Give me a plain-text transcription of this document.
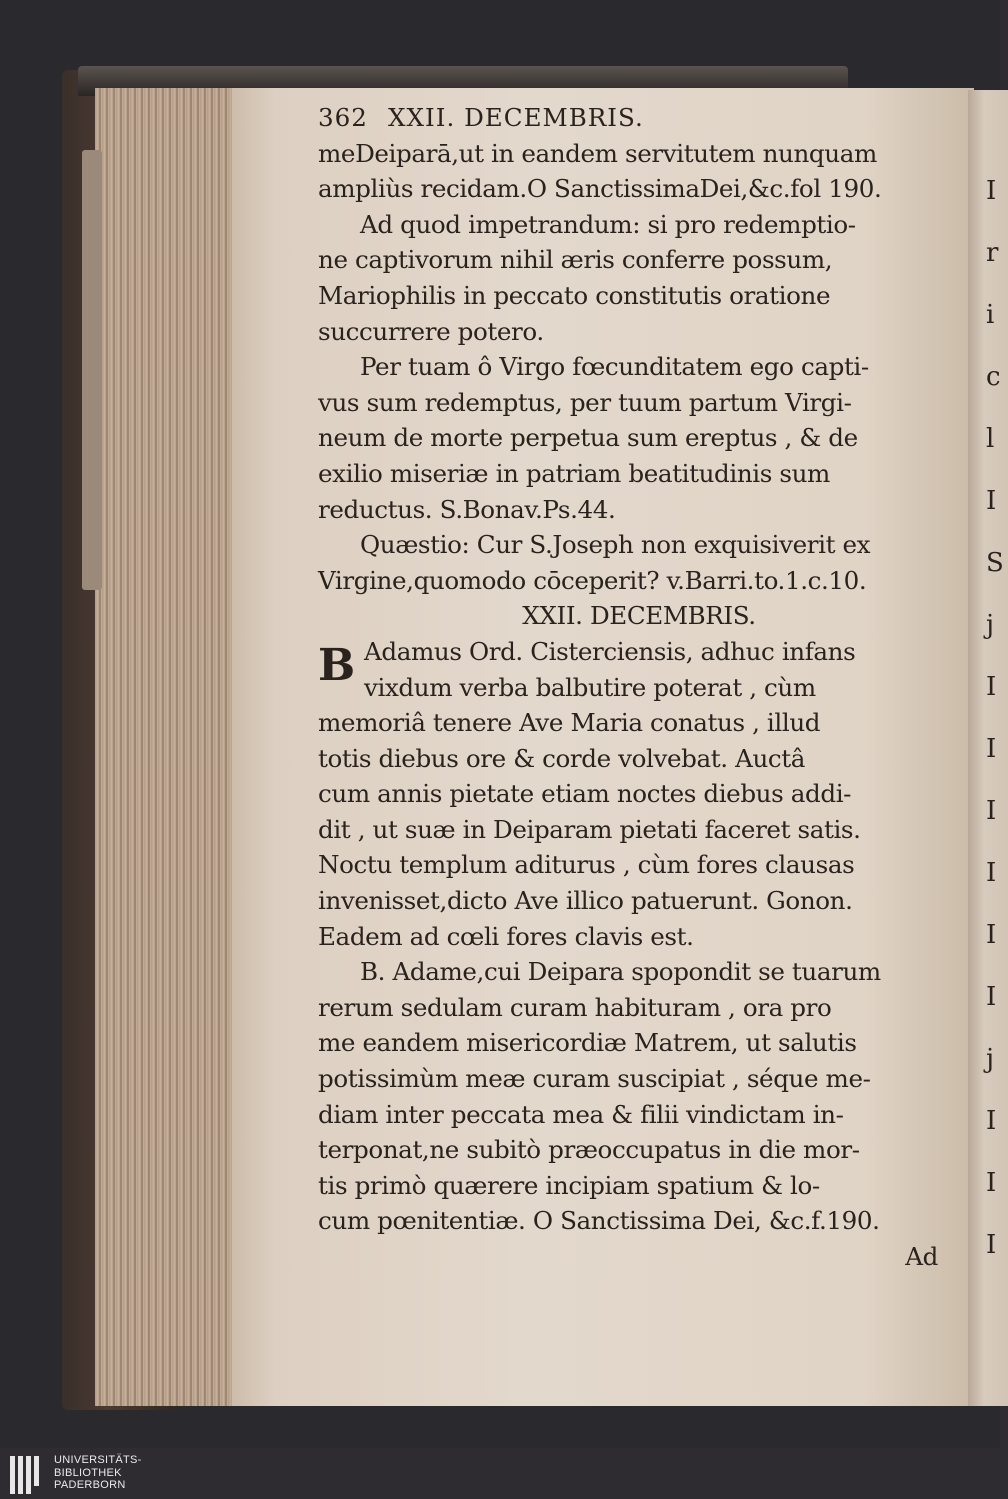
I
r
i
c
l
I
S
j
I
I
I
I
I
I
j
I
I
I
362 XXII. DECEMBRIS.
meDeiparā,ut in eandem servitutem nunquam
ampliùs recidam.O SanctissimaDei,&c.fol 190.
Ad quod impetrandum: si pro redemptio-
ne captivorum nihil æris conferre possum,
Mariophilis in peccato constitutis oratione
succurrere potero.
Per tuam ô Virgo fœcunditatem ego capti-
vus sum redemptus, per tuum partum Virgi-
neum de morte perpetua sum ereptus , & de
exilio miseriæ in patriam beatitudinis sum
reductus. S.Bonav.Ps.44.
Quæstio: Cur S.Joseph non exquisiverit ex
Virgine,quomodo cōceperit? v.Barri.to.1.c.10.
XXII. DECEMBRIS.
B Adamus Ord. Cisterciensis, adhuc infans
vixdum verba balbutire poterat , cùm
memoriâ tenere Ave Maria conatus , illud
totis diebus ore & corde volvebat. Auctâ
cum annis pietate etiam noctes diebus addi-
dit , ut suæ in Deiparam pietati faceret satis.
Noctu templum aditurus , cùm fores clausas
invenisset,dicto Ave illico patuerunt. Gonon.
Eadem ad cœli fores clavis est.
B. Adame,cui Deipara spopondit se tuarum
rerum sedulam curam habituram , ora pro
me eandem misericordiæ Matrem, ut salutis
potissimùm meæ curam suscipiat , séque me-
diam inter peccata mea & filii vindictam in-
terponat,ne subitò præoccupatus in die mor-
tis primò quærere incipiam spatium & lo-
cum pœnitentiæ. O Sanctissima Dei, &c.f.190.
Ad
UNIVERSITÄTS-
BIBLIOTHEK
PADERBORN
